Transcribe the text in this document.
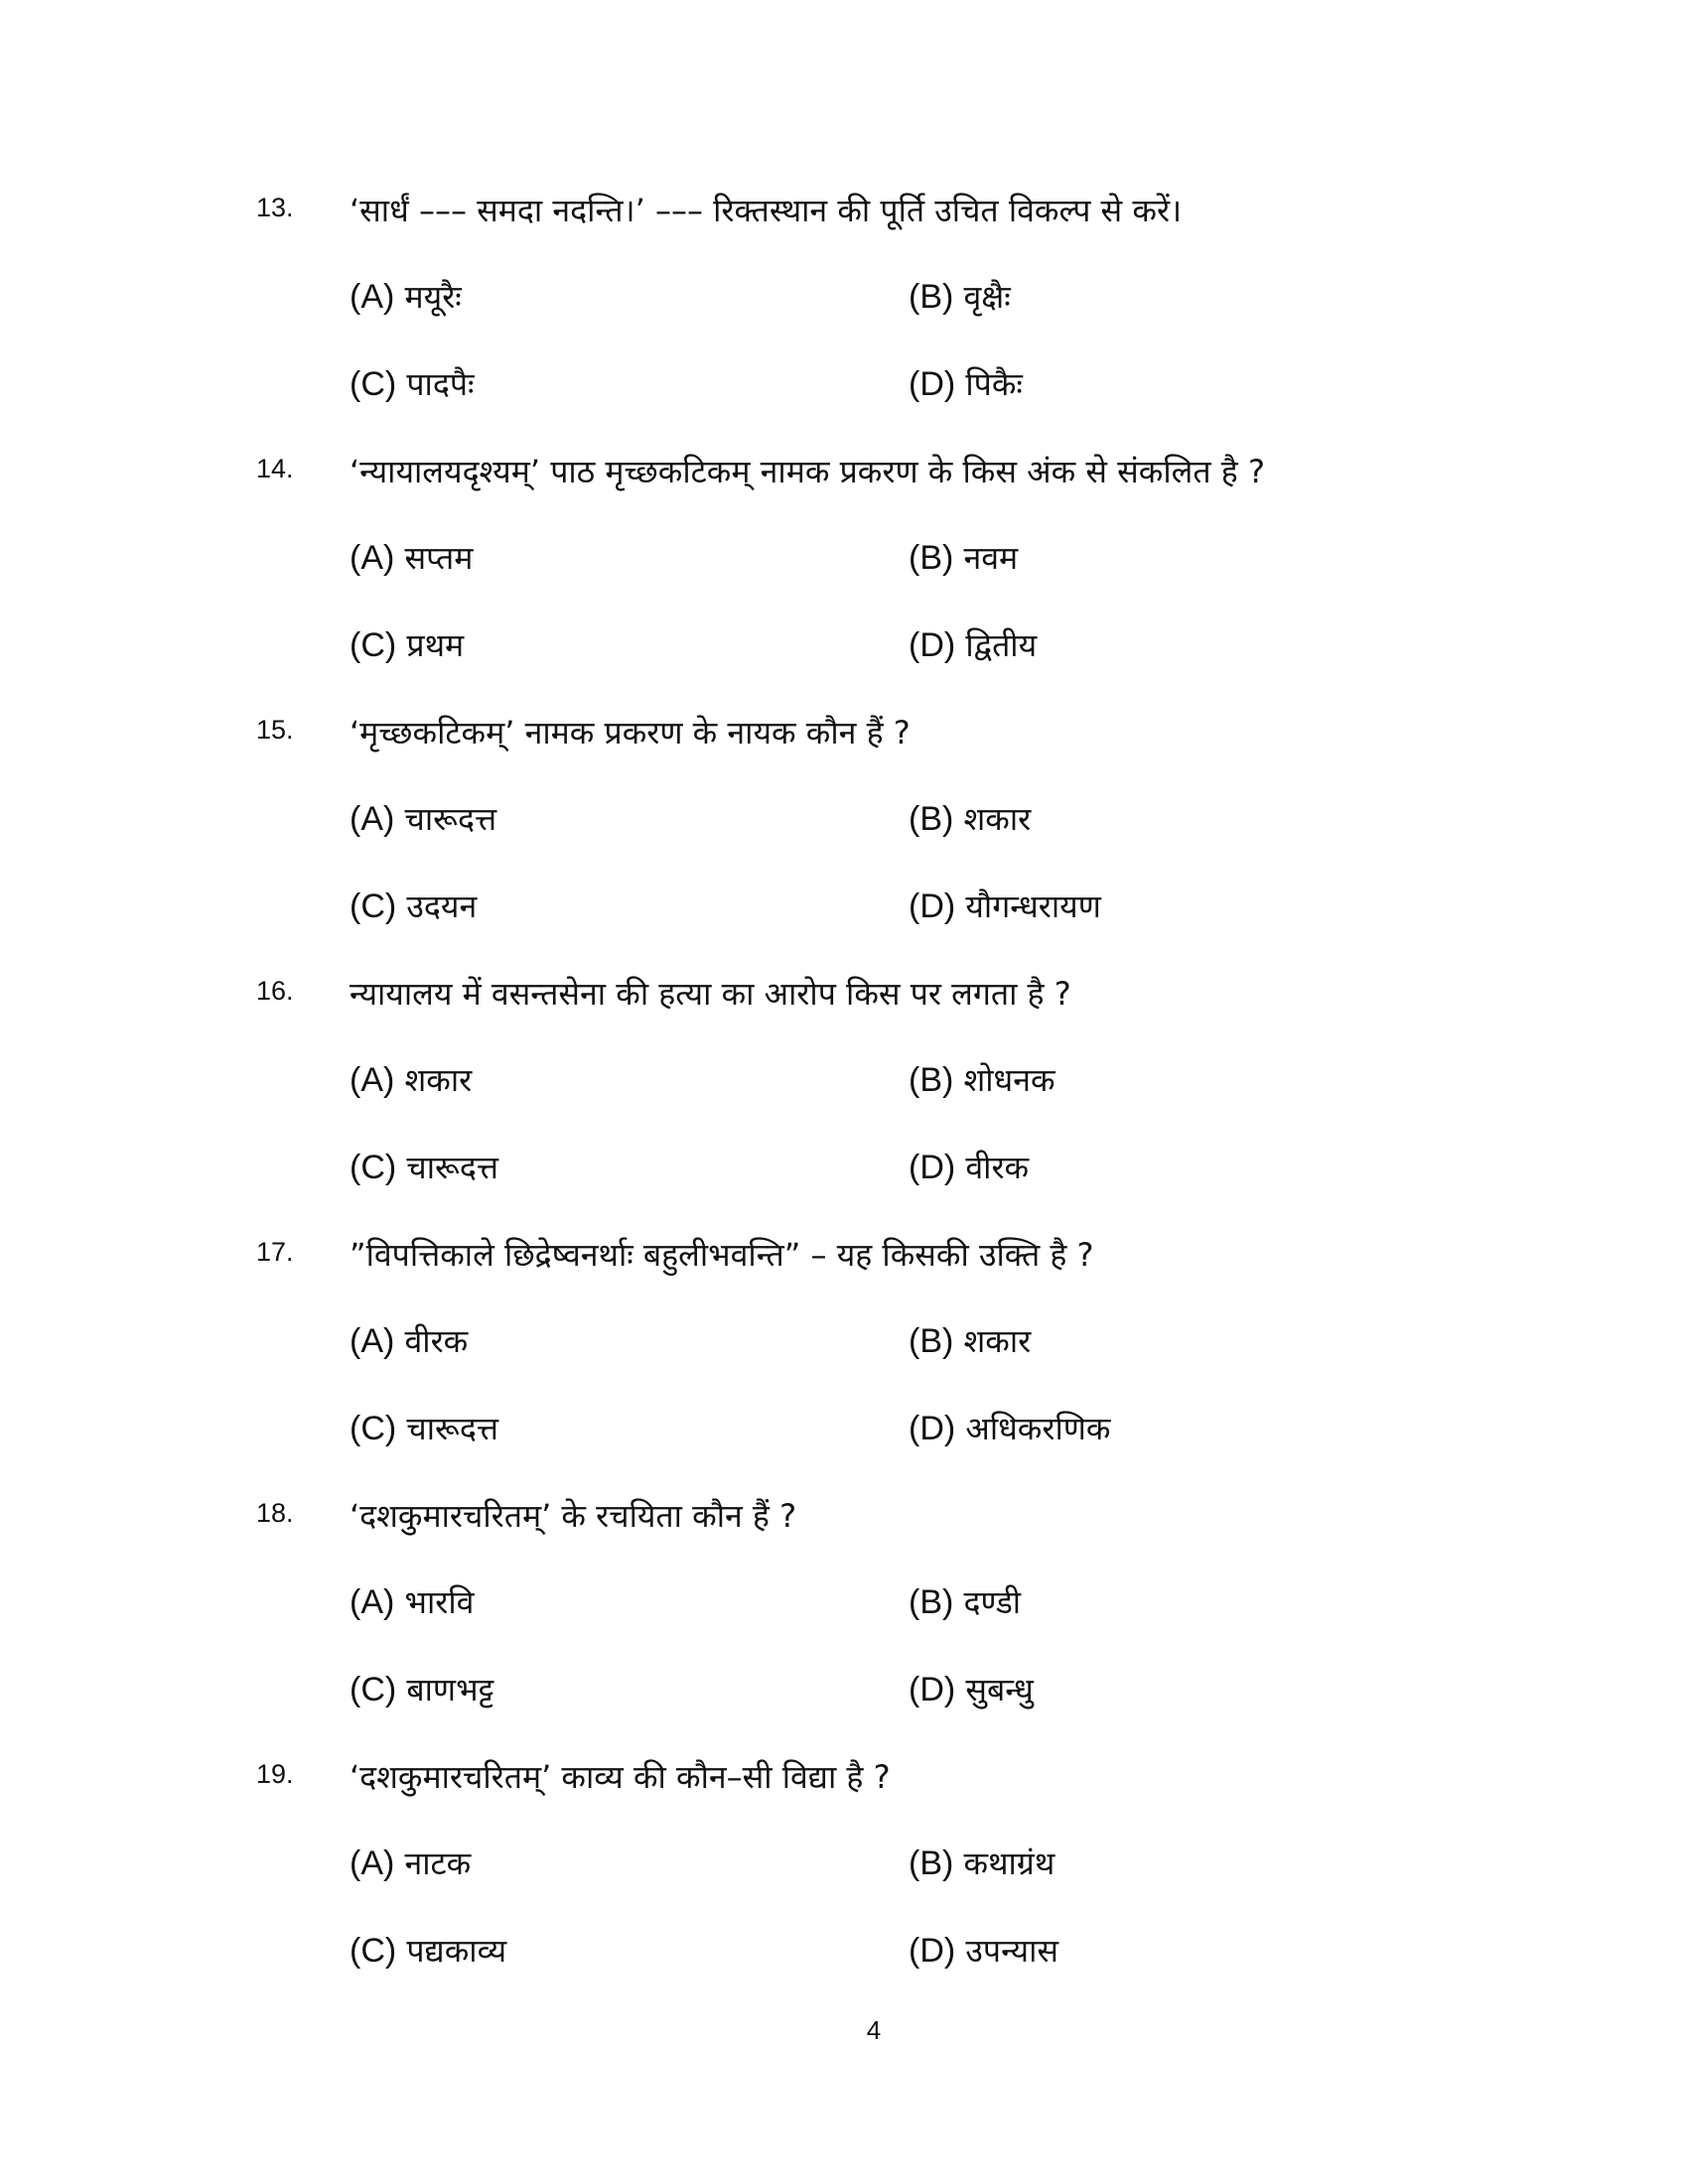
13. ‘सार्धं ––– समदा नदन्ति।’ ––– रिक्तस्थान की पूर्ति उचित विकल्प से करें।
(A) मयूरैः	(B) वृक्षैः
(C) पादपैः	(D) पिकैः
14. ‘न्यायालयदृश्यम्’ पाठ मृच्छकटिकम् नामक प्रकरण के किस अंक से संकलित है ?
(A) सप्तम	(B) नवम
(C) प्रथम	(D) द्वितीय
15. ‘मृच्छकटिकम्’ नामक प्रकरण के नायक कौन हैं ?
(A) चारूदत्त	(B) शकार
(C) उदयन	(D) यौगन्धरायण
16. न्यायालय में वसन्तसेना की हत्या का आरोप किस पर लगता है ?
(A) शकार	(B) शोधनक
(C) चारूदत्त	(D) वीरक
17. ”विपत्तिकाले छिद्रेष्वनर्थाः बहुलीभवन्ति” – यह किसकी उक्ति है ?
(A) वीरक	(B) शकार
(C) चारूदत्त	(D) अधिकरणिक
18. ‘दशकुमारचरितम्’ के रचयिता कौन हैं ?
(A) भारवि	(B) दण्डी
(C) बाणभट्ट	(D) सुबन्धु
19. ‘दशकुमारचरितम्’ काव्य की कौन–सी विद्या है ?
(A) नाटक	(B) कथाग्रंथ
(C) पद्यकाव्य	(D) उपन्यास
4
